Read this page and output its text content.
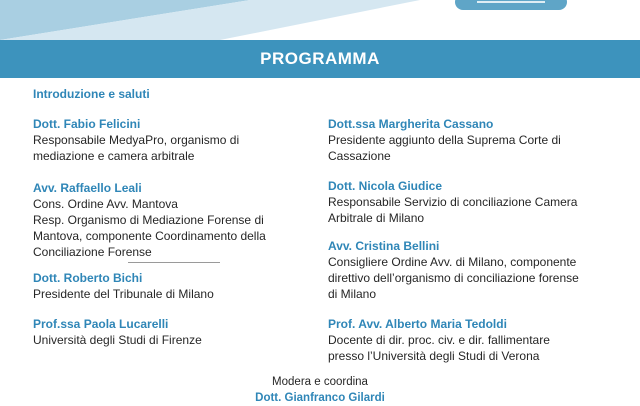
PROGRAMMA
Introduzione e saluti
Dott. Fabio Felicini
Responsabile MedyaPro, organismo di
mediazione e camera arbitrale
Avv. Raffaello Leali
Cons. Ordine Avv. Mantova
Resp. Organismo di Mediazione Forense di
Mantova, componente Coordinamento della
Conciliazione Forense
Dott. Roberto Bichi
Presidente del Tribunale di Milano
Prof.ssa Paola Lucarelli
Università degli Studi di Firenze
Dott.ssa Margherita Cassano
Presidente aggiunto della Suprema Corte di
Cassazione
Dott. Nicola Giudice
Responsabile Servizio di conciliazione Camera
Arbitrale di Milano
Avv. Cristina Bellini
Consigliere Ordine Avv. di Milano, componente
direttivo dell’organismo di conciliazione forense
di Milano
Prof. Avv. Alberto Maria Tedoldi
Docente di dir. proc. civ. e dir. fallimentare
presso l’Università degli Studi di Verona
Modera e coordina
Dott. Gianfranco Gilardi
